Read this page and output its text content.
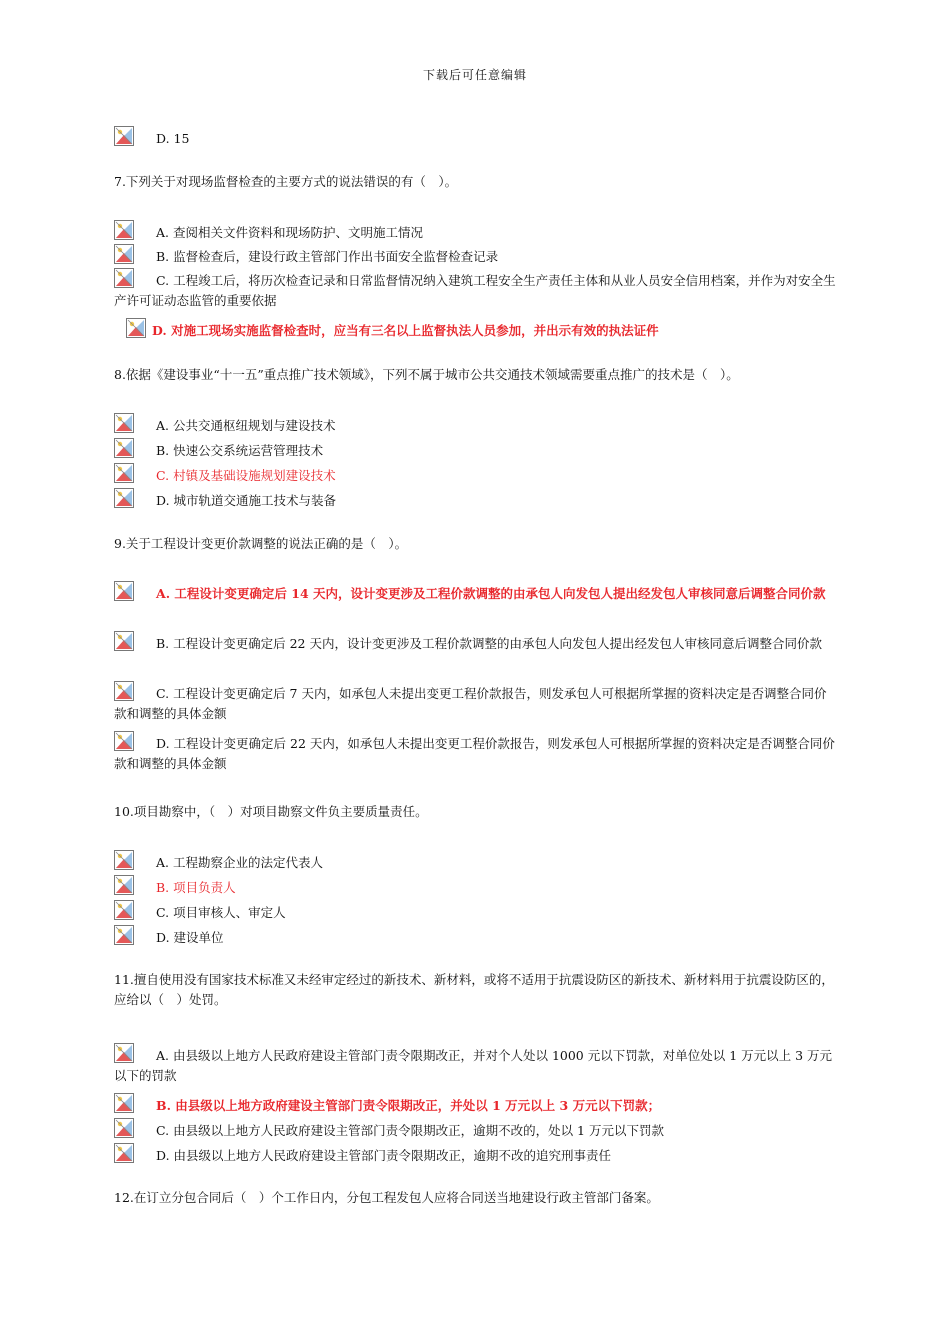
下载后可任意编辑
D. 15
7.下列关于对现场监督检查的主要方式的说法错误的有（　）。
A. 查阅相关文件资料和现场防护、文明施工情况
B. 监督检查后，建设行政主管部门作出书面安全监督检查记录
C. 工程竣工后，将历次检查记录和日常监督情况纳入建筑工程安全生产责任主体和从业人员安全信用档案，并作为对安全生产许可证动态监管的重要依据
D. 对施工现场实施监督检查时，应当有三名以上监督执法人员参加，并出示有效的执法证件
8.依据《建设事业“十一五”重点推广技术领域》，下列不属于城市公共交通技术领域需要重点推广的技术是（　）。
A. 公共交通枢纽规划与建设技术
B. 快速公交系统运营管理技术
C. 村镇及基础设施规划建设技术
D. 城市轨道交通施工技术与装备
9.关于工程设计变更价款调整的说法正确的是（　）。
A. 工程设计变更确定后 14 天内，设计变更涉及工程价款调整的由承包人向发包人提出经发包人审核同意后调整合同价款
B. 工程设计变更确定后 22 天内，设计变更涉及工程价款调整的由承包人向发包人提出经发包人审核同意后调整合同价款
C. 工程设计变更确定后 7 天内，如承包人未提出变更工程价款报告，则发承包人可根据所掌握的资料决定是否调整合同价款和调整的具体金额
D. 工程设计变更确定后 22 天内，如承包人未提出变更工程价款报告，则发承包人可根据所掌握的资料决定是否调整合同价款和调整的具体金额
10.项目勘察中，（　）对项目勘察文件负主要质量责任。
A. 工程勘察企业的法定代表人
B. 项目负责人
C. 项目审核人、审定人
D. 建设单位
11.擅自使用没有国家技术标准又未经审定经过的新技术、新材料，或将不适用于抗震设防区的新技术、新材料用于抗震设防区的，应给以（　）处罚。
A. 由县级以上地方人民政府建设主管部门责令限期改正，并对个人处以 1000 元以下罚款，对单位处以 1 万元以上 3 万元以下的罚款
B. 由县级以上地方政府建设主管部门责令限期改正，并处以 1 万元以上 3 万元以下罚款；
C. 由县级以上地方人民政府建设主管部门责令限期改正，逾期不改的，处以 1 万元以下罚款
D. 由县级以上地方人民政府建设主管部门责令限期改正，逾期不改的追究刑事责任
12.在订立分包合同后（　）个工作日内，分包工程发包人应将合同送当地建设行政主管部门备案。
